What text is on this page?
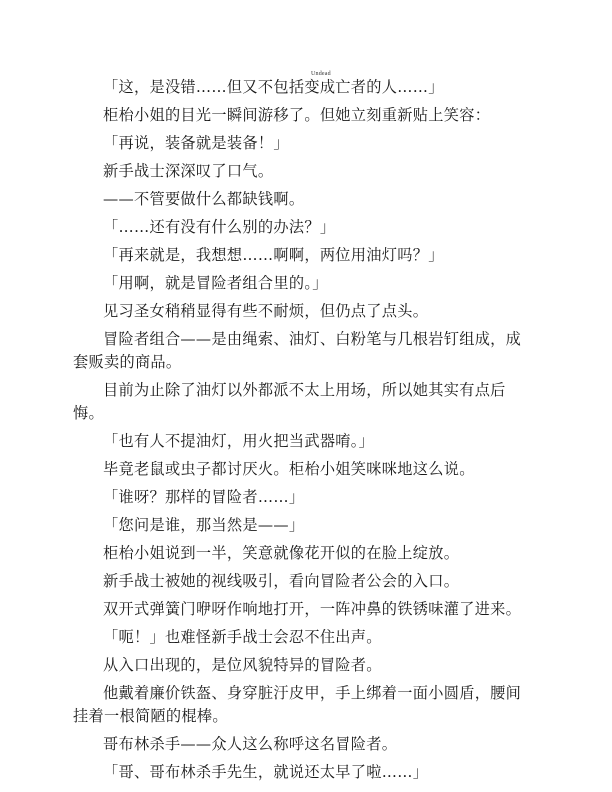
Undead

「这，是没错……但又不包括变成亡者的人……」

柜枱小姐的目光一瞬间游移了。但她立刻重新贴上笑容：

「再说，装备就是装备！」

新手战士深深叹了口气。

——不管要做什么都缺钱啊。

「……还有没有什么别的办法？」

「再来就是，我想想……啊啊，两位用油灯吗？」

「用啊，就是冒险者组合里的。」

见习圣女稍稍显得有些不耐烦，但仍点了点头。

冒险者组合——是由绳索、油灯、白粉笔与几根岩钉组成，成套贩卖的商品。

目前为止除了油灯以外都派不太上用场，所以她其实有点后悔。

「也有人不提油灯，用火把当武器唷。」

毕竟老鼠或虫子都讨厌火。柜枱小姐笑咪咪地这么说。

「谁呀？那样的冒险者……」

「您问是谁，那当然是——」

柜枱小姐说到一半，笑意就像花开似的在脸上绽放。

新手战士被她的视线吸引，看向冒险者公会的入口。

双开式弹簧门咿呀作响地打开，一阵冲鼻的铁锈味灌了进来。

「呃！」也难怪新手战士会忍不住出声。

从入口出现的，是位风貌特异的冒险者。

他戴着廉价铁盔、身穿脏汙皮甲，手上绑着一面小圆盾，腰间挂着一根简陋的棍棒。

哥布林杀手——众人这么称呼这名冒险者。

「哥、哥布林杀手先生，就说还太早了啦……」
